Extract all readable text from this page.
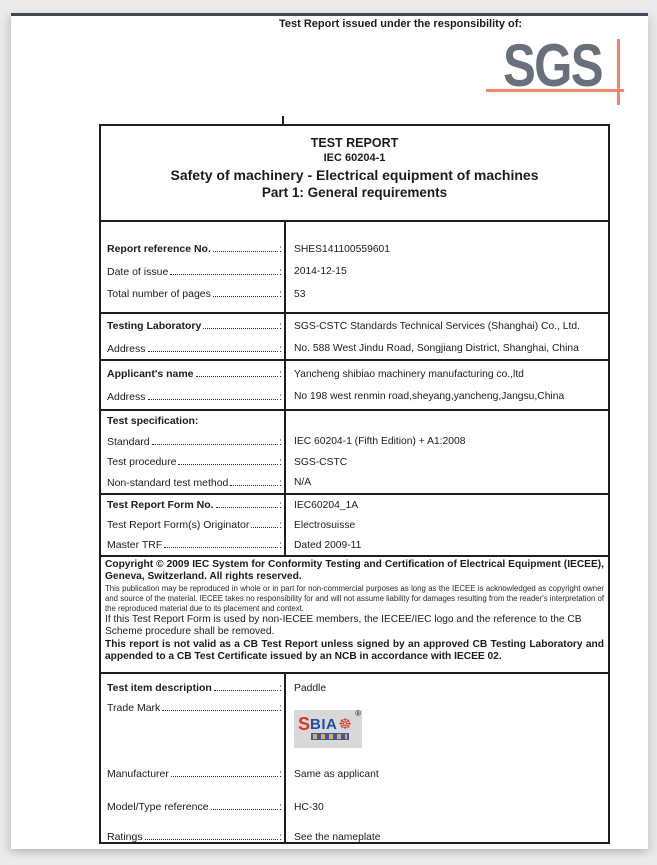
Test Report issued under the responsibility of:
SGS
TEST REPORT
IEC 60204-1
Safety of machinery - Electrical equipment of machines
Part 1: General requirements
Report reference No.	:	SHES141100559601
Date of issue	:	2014-12-15
Total number of pages	:	53
Testing Laboratory	:	SGS-CSTC Standards Technical Services (Shanghai) Co., Ltd.
Address	:	No. 588 West Jindu Road, Songjiang District, Shanghai, China
Applicant's name	:	Yancheng shibiao machinery manufacturing co.,ltd
Address	:	No 198 west renmin road,sheyang,yancheng,Jangsu,China
Test specification:
Standard	:	IEC 60204-1 (Fifth Edition) + A1:2008
Test procedure	:	SGS-CSTC
Non-standard test method	:	N/A
Test Report Form No.	:	IEC60204_1A
Test Report Form(s) Originator	:	Electrosuisse
Master TRF	:	Dated 2009-11
Copyright © 2009 IEC System for Conformity Testing and Certification of Electrical Equipment (IECEE), Geneva, Switzerland. All rights reserved.
This publication may be reproduced in whole or in part for non-commercial purposes as long as the IECEE is acknowledged as copyright owner and source of the material. IECEE takes no responsibility for and will not assume liability for damages resulting from the reader's interpretation of the reproduced material due to its placement and context.
If this Test Report Form is used by non-IECEE members, the IECEE/IEC logo and the reference to the CB Scheme procedure shall be removed.
This report is not valid as a CB Test Report unless signed by an approved CB Testing Laboratory and appended to a CB Test Certificate issued by an NCB in accordance with IECEE 02.
Test item description	:	Paddle
Trade Mark	:	®
S BIA ☸
Manufacturer	:	Same as applicant
Model/Type reference	:	HC-30
Ratings	:	See the nameplate
